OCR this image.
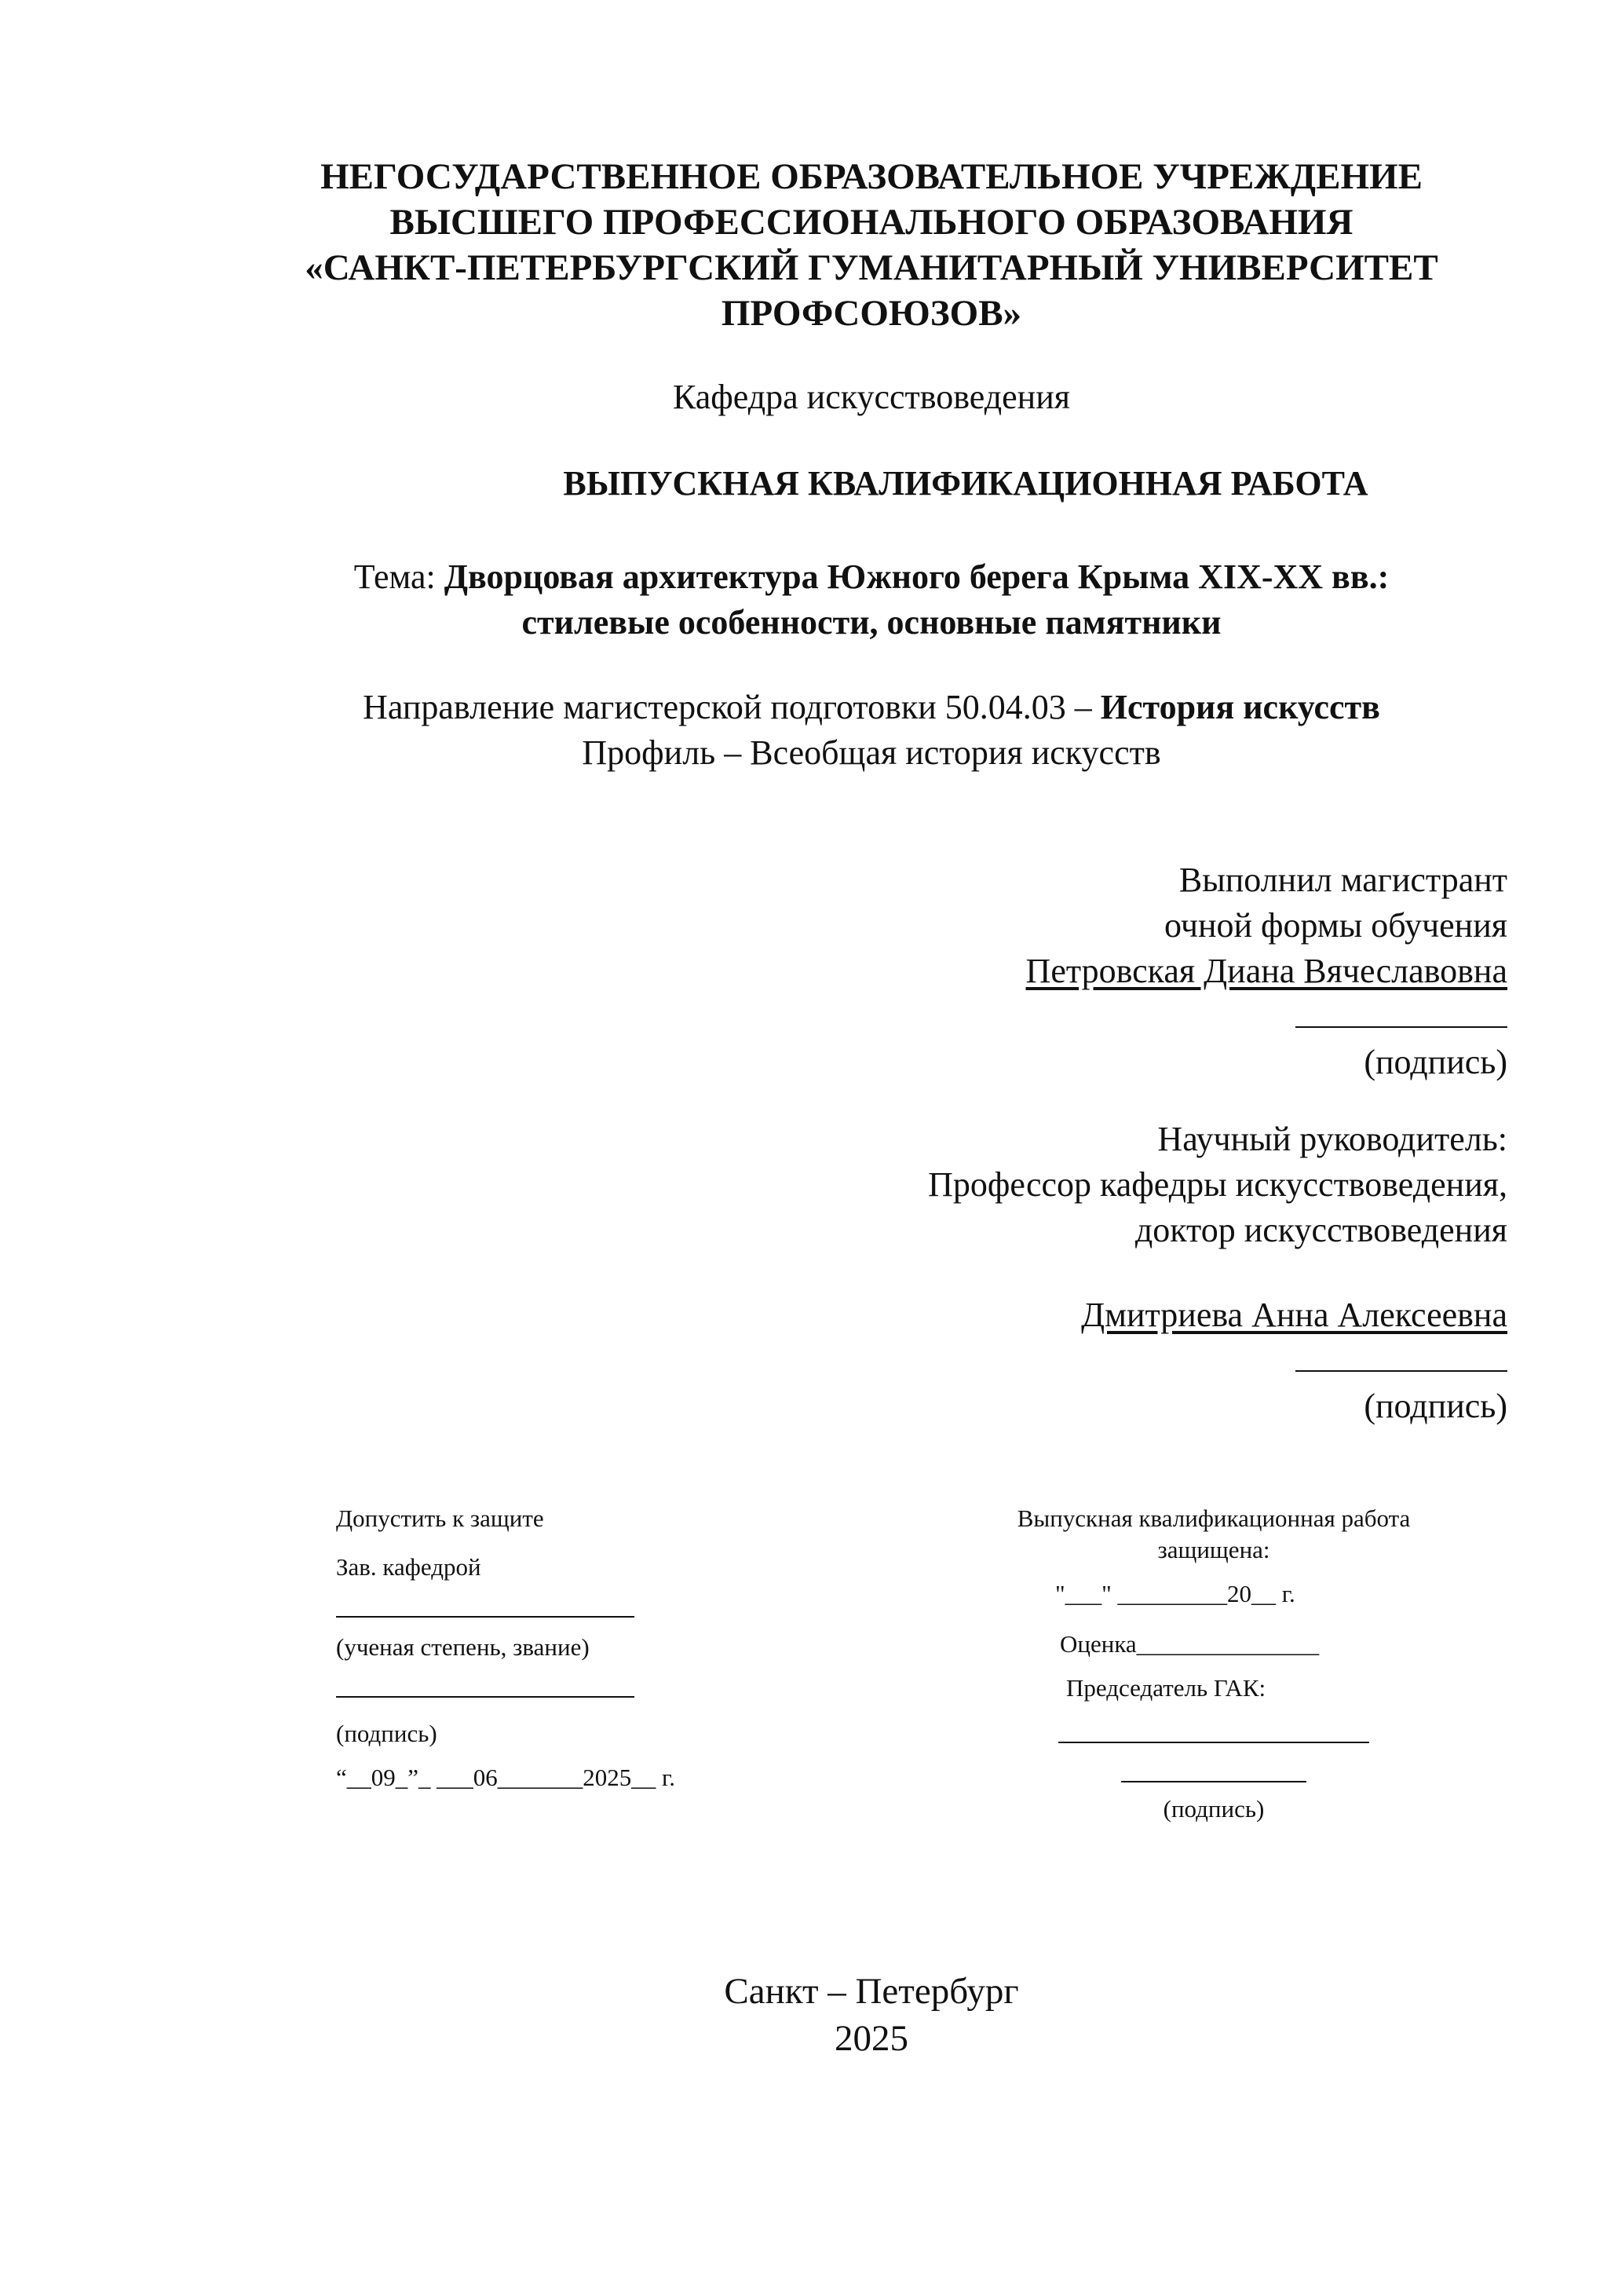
НЕГОСУДАРСТВЕННОЕ ОБРАЗОВАТЕЛЬНОЕ УЧРЕЖДЕНИЕ
ВЫСШЕГО ПРОФЕССИОНАЛЬНОГО ОБРАЗОВАНИЯ
«САНКТ-ПЕТЕРБУРГСКИЙ ГУМАНИТАРНЫЙ УНИВЕРСИТЕТ
ПРОФСОЮЗОВ»
Кафедра искусствоведения
ВЫПУСКНАЯ КВАЛИФИКАЦИОННАЯ РАБОТА
Тема: Дворцовая архитектура Южного берега Крыма XIX-XX вв.:
стилевые особенности, основные памятники
Направление магистерской подготовки 50.04.03 – История искусств
Профиль – Всеобщая история искусств
Выполнил магистрант
очной формы обучения
Петровская Диана Вячеславовна
(подпись)
Научный руководитель:
Профессор кафедры искусствоведения,
доктор искусствоведения
Дмитриева Анна Алексеевна
(подпись)
Допустить к защите
Зав. кафедрой
(ученая степень, звание)
(подпись)
“__09_”_ ___06_______2025__ г.
Выпускная квалификационная работа
защищена:
"___" _________20__ г.
Оценка_______________
Председатель ГАК:
(подпись)
Санкт – Петербург
2025
